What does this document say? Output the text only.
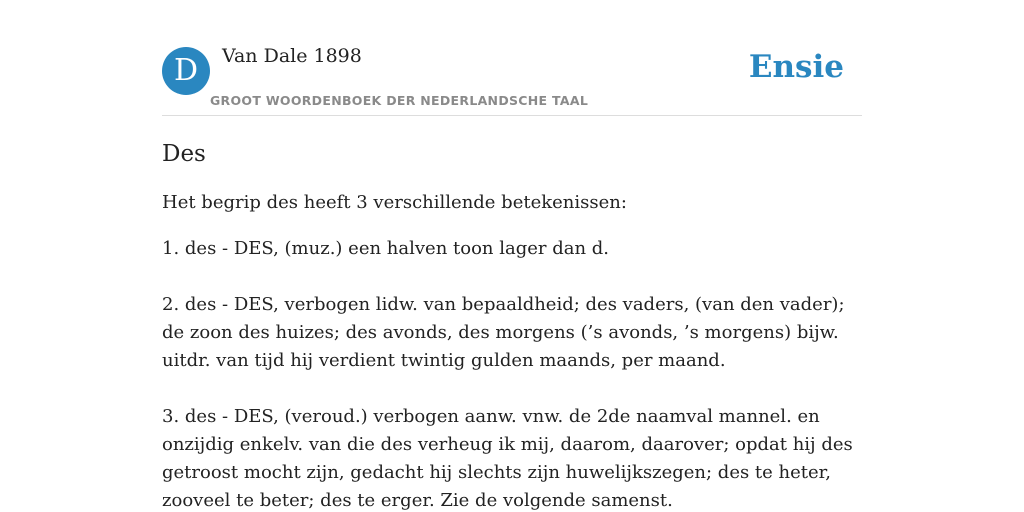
D	Van Dale 1898
GROOT WOORDENBOEK DER NEDERLANDSCHE TAAL
Ensie
Des

Het begrip des heeft 3 verschillende betekenissen:

1. des - DES, (muz.) een halven toon lager dan d.
2. des - DES, verbogen lidw. van bepaaldheid; des vaders, (van den vader); de zoon des huizes; des avonds, des morgens (’s avonds, ’s morgens) bijw. uitdr. van tijd hij verdient twintig gulden maands, per maand.
3. des - DES, (veroud.) verbogen aanw. vnw. de 2de naamval mannel. en onzijdig enkelv. van die des verheug ik mij, daarom, daarover; opdat hij des getroost mocht zijn, gedacht hij slechts zijn huwelijkszegen; des te heter, zooveel te beter; des te erger. Zie de volgende samenst.
